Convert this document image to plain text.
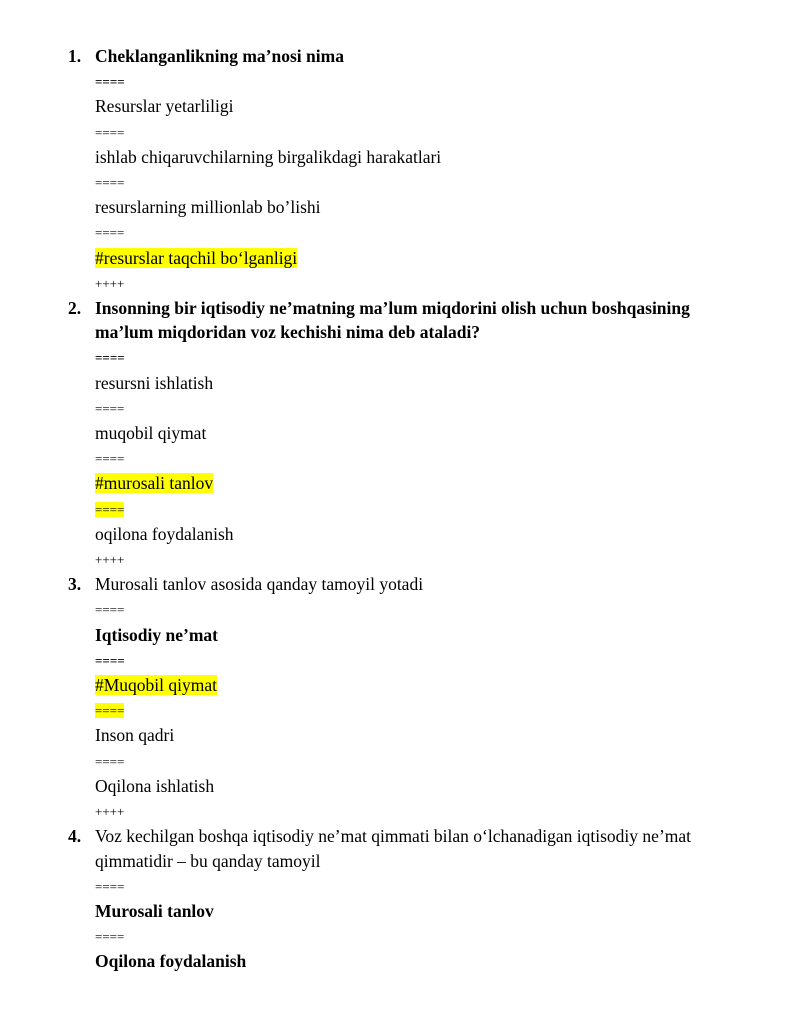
1. Cheklanganlikning ma’nosi nima
====
Resurslar yetarliligi
====
ishlab chiqaruvchilarning birgalikdagi harakatlari
====
resurslarning millionlab bo’lishi
====
#resurslar taqchil bo‘lganligi
++++
2. Insonning bir iqtisodiy ne’matning ma’lum miqdorini olish uchun boshqasining
ma’lum miqdoridan voz kechishi nima deb ataladi?
====
resursni ishlatish
====
muqobil qiymat
====
#murosali tanlov
====
oqilona foydalanish
++++
3. Murosali tanlov asosida qanday tamoyil yotadi
====
Iqtisodiy ne’mat
====
#Muqobil qiymat
====
Inson qadri
====
Oqilona ishlatish
++++
4. Voz kechilgan boshqa iqtisodiy ne’mat qimmati bilan o‘lchanadigan iqtisodiy ne’mat
qimmatidir – bu qanday tamoyil
====
Murosali tanlov
====
Oqilona foydalanish
